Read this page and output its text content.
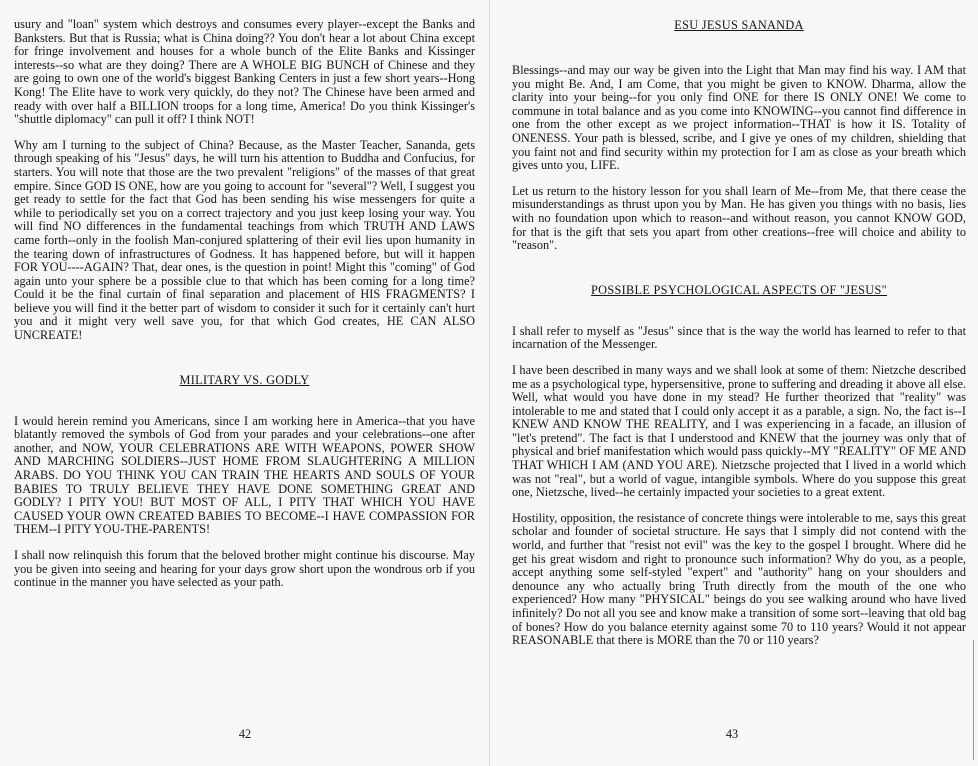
usury and "loan" system which destroys and consumes every player--except the Banks and Banksters. But that is Russia; what is China doing?? You don't hear a lot about China except for fringe involvement and houses for a whole bunch of the Elite Banks and Kissinger interests--so what are they doing? There are A WHOLE BIG BUNCH of Chinese and they are going to own one of the world's biggest Banking Centers in just a few short years--Hong Kong! The Elite have to work very quickly, do they not? The Chinese have been armed and ready with over half a BILLION troops for a long time, America! Do you think Kissinger's "shuttle diplomacy" can pull it off? I think NOT!

Why am I turning to the subject of China? Because, as the Master Teacher, Sananda, gets through speaking of his "Jesus" days, he will turn his attention to Buddha and Confucius, for starters. You will note that those are the two prevalent "religions" of the masses of that great empire. Since GOD IS ONE, how are you going to account for "several"? Well, I suggest you get ready to settle for the fact that God has been sending his wise messengers for quite a while to periodically set you on a correct trajectory and you just keep losing your way. You will find NO differences in the fundamental teachings from which TRUTH AND LAWS came forth--only in the foolish Man-conjured splattering of their evil lies upon humanity in the tearing down of infrastructures of Godness. It has happened before, but will it happen FOR YOU----AGAIN? That, dear ones, is the question in point! Might this "coming" of God again unto your sphere be a possible clue to that which has been coming for a long time? Could it be the final curtain of final separation and placement of HIS FRAGMENTS? I believe you will find it the better part of wisdom to consider it such for it certainly can't hurt you and it might very well save you, for that which God creates, HE CAN ALSO UNCREATE!

MILITARY VS. GODLY

I would herein remind you Americans, since I am working here in America--that you have blatantly removed the symbols of God from your parades and your celebrations--one after another, and NOW, YOUR CELEBRATIONS ARE WITH WEAPONS, POWER SHOW AND MARCHING SOLDIERS--JUST HOME FROM SLAUGHTERING A MILLION ARABS. DO YOU THINK YOU CAN TRAIN THE HEARTS AND SOULS OF YOUR BABIES TO TRULY BELIEVE THEY HAVE DONE SOMETHING GREAT AND GODLY? I PITY YOU! BUT MOST OF ALL, I PITY THAT WHICH YOU HAVE CAUSED YOUR OWN CREATED BABIES TO BECOME--I HAVE COMPASSION FOR THEM--I PITY YOU-THE-PARENTS!

I shall now relinquish this forum that the beloved brother might continue his discourse. May you be given into seeing and hearing for your days grow short upon the wondrous orb if you continue in the manner you have selected as your path.

42
ESU JESUS SANANDA

Blessings--and may our way be given into the Light that Man may find his way. I AM that you might Be. And, I am Come, that you might be given to KNOW. Dharma, allow the clarity into your being--for you only find ONE for there IS ONLY ONE! We come to commune in total balance and as you come into KNOWING--you cannot find difference in one from the other except as we project information--THAT is how it IS. Totality of ONENESS. Your path is blessed, scribe, and I give ye ones of my children, shielding that you faint not and find security within my protection for I am as close as your breath which gives unto you, LIFE.

Let us return to the history lesson for you shall learn of Me--from Me, that there cease the misunderstandings as thrust upon you by Man. He has given you things with no basis, lies with no foundation upon which to reason--and without reason, you cannot KNOW GOD, for that is the gift that sets you apart from other creations--free will choice and ability to "reason".

POSSIBLE PSYCHOLOGICAL ASPECTS OF "JESUS"

I shall refer to myself as "Jesus" since that is the way the world has learned to refer to that incarnation of the Messenger.

I have been described in many ways and we shall look at some of them: Nietzche described me as a psychological type, hypersensitive, prone to suffering and dreading it above all else. Well, what would you have done in my stead? He further theorized that "reality" was intolerable to me and stated that I could only accept it as a parable, a sign. No, the fact is--I KNEW AND KNOW THE REALITY, and I was experiencing in a facade, an illusion of "let's pretend". The fact is that I understood and KNEW that the journey was only that of physical and brief manifestation which would pass quickly--MY "REALITY" OF ME AND THAT WHICH I AM (AND YOU ARE). Nietzsche projected that I lived in a world which was not "real", but a world of vague, intangible symbols. Where do you suppose this great one, Nietzsche, lived--he certainly impacted your societies to a great extent.

Hostility, opposition, the resistance of concrete things were intolerable to me, says this great scholar and founder of societal structure. He says that I simply did not contend with the world, and further that "resist not evil" was the key to the gospel I brought. Where did he get his great wisdom and right to pronounce such information? Why do you, as a people, accept anything some self-styled "expert" and "authority" hang on your shoulders and denounce any who actually bring Truth directly from the mouth of the one who experienced? How many "PHYSICAL" beings do you see walking around who have lived infinitely? Do not all you see and know make a transition of some sort--leaving that old bag of bones? How do you balance eternity against some 70 to 110 years? Would it not appear REASONABLE that there is MORE than the 70 or 110 years?

43
